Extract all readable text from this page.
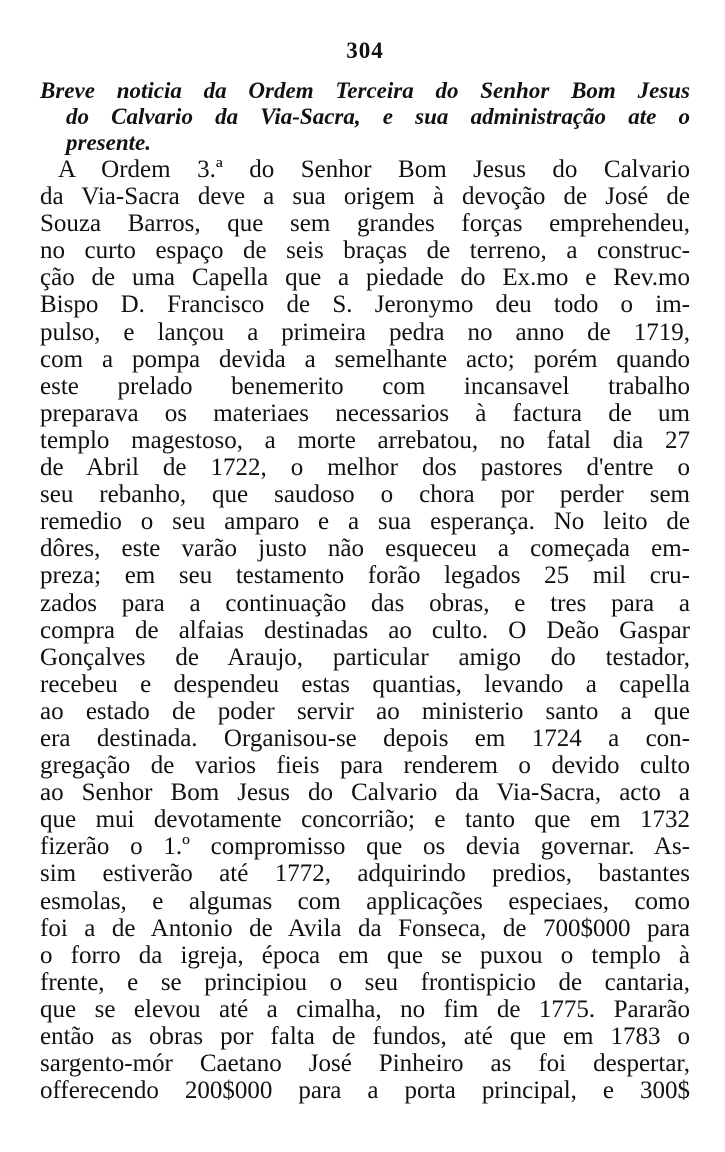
304
Breve noticia da Ordem Terceira do Senhor Bom Jesus
do Calvario da Via-Sacra, e sua administração ate o
presente.
A Ordem 3.ª do Senhor Bom Jesus do Calvario
da Via-Sacra deve a sua origem à devoção de José de
Souza Barros, que sem grandes forças emprehendeu,
no curto espaço de seis braças de terreno, a construc-
ção de uma Capella que a piedade do Ex.mo e Rev.mo
Bispo D. Francisco de S. Jeronymo deu todo o im-
pulso, e lançou a primeira pedra no anno de 1719,
com a pompa devida a semelhante acto; porém quando
este prelado benemerito com incansavel trabalho
preparava os materiaes necessarios à factura de um
templo magestoso, a morte arrebatou, no fatal dia 27
de Abril de 1722, o melhor dos pastores d'entre o
seu rebanho, que saudoso o chora por perder sem
remedio o seu amparo e a sua esperança. No leito de
dôres, este varão justo não esqueceu a começada em-
preza; em seu testamento forão legados 25 mil cru-
zados para a continuação das obras, e tres para a
compra de alfaias destinadas ao culto. O Deão Gaspar
Gonçalves de Araujo, particular amigo do testador,
recebeu e despendeu estas quantias, levando a capella
ao estado de poder servir ao ministerio santo a que
era destinada. Organisou-se depois em 1724 a con-
gregação de varios fieis para renderem o devido culto
ao Senhor Bom Jesus do Calvario da Via-Sacra, acto a
que mui devotamente concorrião; e tanto que em 1732
fizerão o 1.º compromisso que os devia governar. As-
sim estiverão até 1772, adquirindo predios, bastantes
esmolas, e algumas com applicações especiaes, como
foi a de Antonio de Avila da Fonseca, de 700$000 para
o forro da igreja, época em que se puxou o templo à
frente, e se principiou o seu frontispicio de cantaria,
que se elevou até a cimalha, no fim de 1775. Pararão
então as obras por falta de fundos, até que em 1783 o
sargento-mór Caetano José Pinheiro as foi despertar,
offerecendo 200$000 para a porta principal, e 300$
